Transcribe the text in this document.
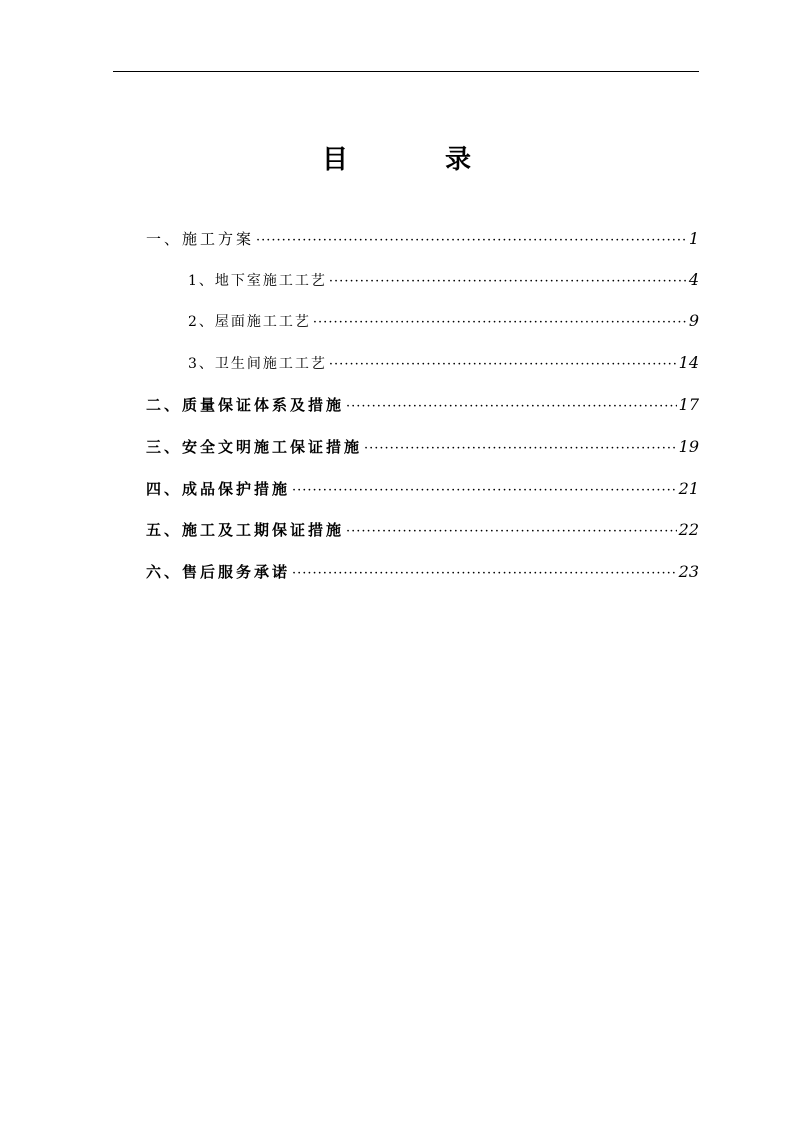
目 录
一、施工方案 ·····	1
1、地下室施工工艺 ·····	4
2、屋面施工工艺 ·····	9
3、卫生间施工工艺 ·····	14
二、质量保证体系及措施 ·····	17
三、安全文明施工保证措施 ·····	19
四、成品保护措施 ·····	21
五、施工及工期保证措施 ·····	22
六、售后服务承诺 ·····	23
